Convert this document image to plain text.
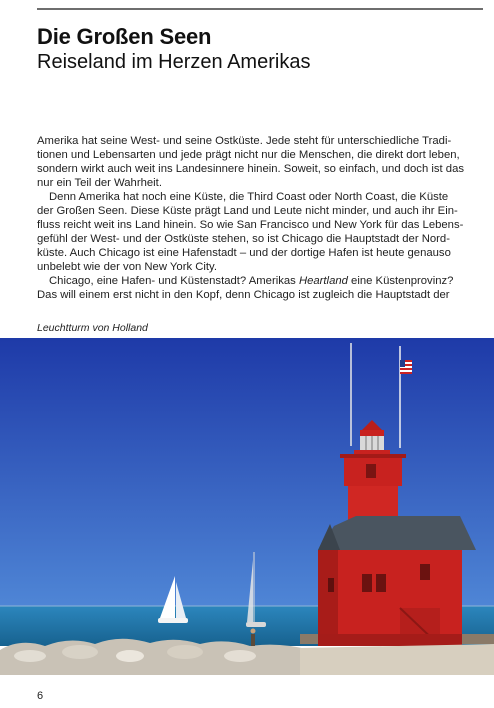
Die Großen Seen
Reiseland im Herzen Amerikas

Amerika hat seine West- und seine Ostküste. Jede steht für unterschiedliche Tradi-

tionen und Lebensarten und jede prägt nicht nur die Menschen, die direkt dort leben,

sondern wirkt auch weit ins Landesinnere hinein. Soweit, so einfach, und doch ist das

nur ein Teil der Wahrheit.

Denn Amerika hat noch eine Küste, die Third Coast oder North Coast, die Küste

der Großen Seen. Diese Küste prägt Land und Leute nicht minder, und auch ihr Ein-

fluss reicht weit ins Land hinein. So wie San Francisco und New York für das Lebens-

gefühl der West- und der Ostküste stehen, so ist Chicago die Hauptstadt der Nord-

küste. Auch Chicago ist eine Hafenstadt – und der dortige Hafen ist heute genauso

unbelebt wie der von New York City.

Chicago, eine Hafen- und Küstenstadt? Amerikas Heartland eine Küstenprovinz?

Das will einem erst nicht in den Kopf, denn Chicago ist zugleich die Hauptstadt der

Leuchtturm von Holland
6
